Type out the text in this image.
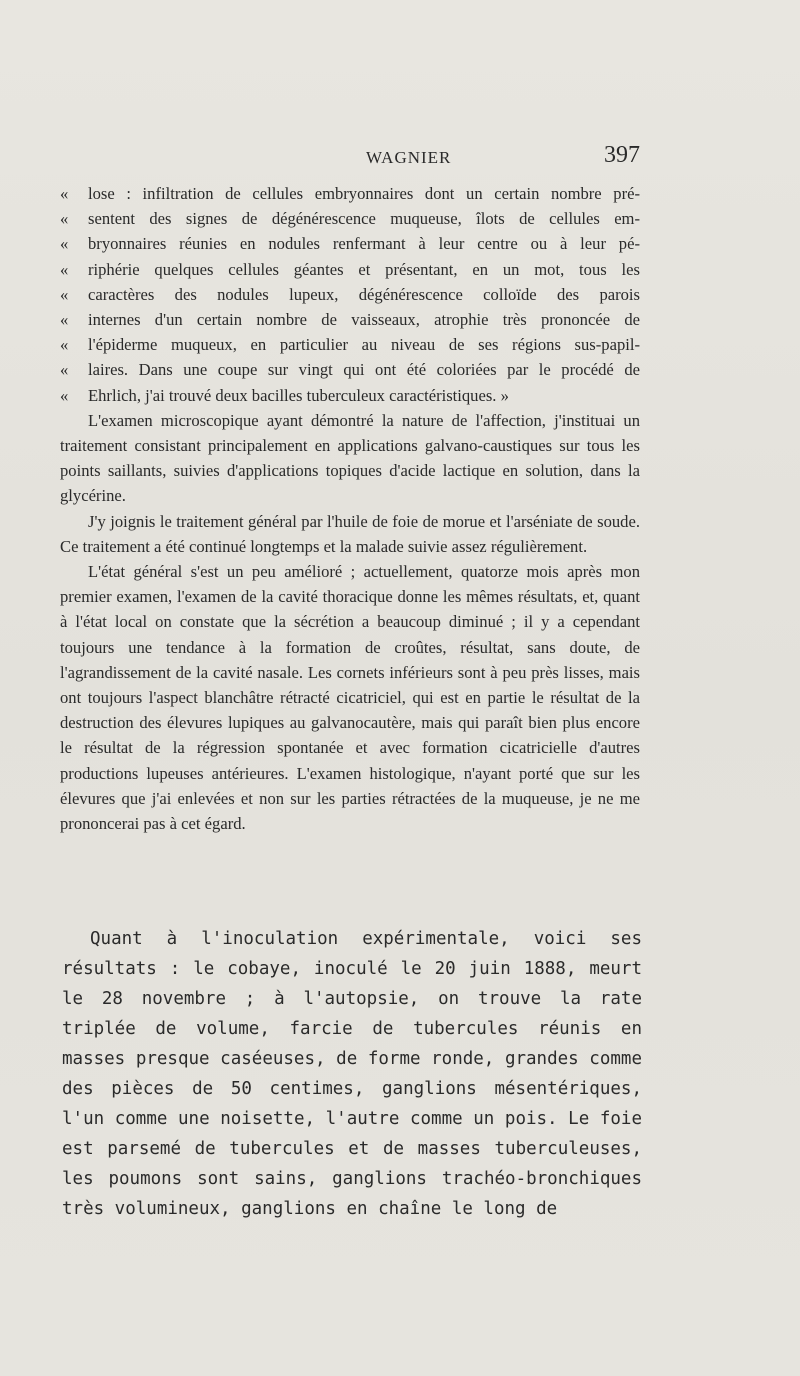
WAGNIER	397
«	lose : infiltration de cellules embryonnaires dont un certain nombre pré-
«	sentent des signes de dégénérescence muqueuse, îlots de cellules em-
«	bryonnaires réunies en nodules renfermant à leur centre ou à leur pé-
«	riphérie quelques cellules géantes et présentant, en un mot, tous les
«	caractères des nodules lupeux, dégénérescence colloïde des parois
«	internes d'un certain nombre de vaisseaux, atrophie très prononcée de
«	l'épiderme muqueux, en particulier au niveau de ses régions sus-papil-
«	laires. Dans une coupe sur vingt qui ont été coloriées par le procédé de
«	Ehrlich, j'ai trouvé deux bacilles tuberculeux caractéristiques. »

L'examen microscopique ayant démontré la nature de l'affection, j'instituai un traitement consistant principalement en applications galvano-caustiques sur tous les points saillants, suivies d'applications topiques d'acide lactique en solution, dans la glycérine.

J'y joignis le traitement général par l'huile de foie de morue et l'arséniate de soude. Ce traitement a été continué longtemps et la malade suivie assez régulièrement.

L'état général s'est un peu amélioré ; actuellement, quatorze mois après mon premier examen, l'examen de la cavité thoracique donne les mêmes résultats, et, quant à l'état local on constate que la sécrétion a beaucoup diminué ; il y a cependant toujours une tendance à la formation de croûtes, résultat, sans doute, de l'agrandissement de la cavité nasale. Les cornets inférieurs sont à peu près lisses, mais ont toujours l'aspect blanchâtre rétracté cicatriciel, qui est en partie le résultat de la destruction des élevures lupiques au galvanocautère, mais qui paraît bien plus encore le résultat de la régression spontanée et avec formation cicatricielle d'autres productions lupeuses antérieures. L'examen histologique, n'ayant porté que sur les élevures que j'ai enlevées et non sur les parties rétractées de la muqueuse, je ne me prononcerai pas à cet égard.

Quant à l'inoculation expérimentale, voici ses résultats : le cobaye, inoculé le 20 juin 1888, meurt le 28 novembre ; à l'autopsie, on trouve la rate triplée de volume, farcie de tubercules réunis en masses presque caséeuses, de forme ronde, grandes comme des pièces de 50 centimes, ganglions mésentériques, l'un comme une noisette, l'autre comme un pois. Le foie est parsemé de tubercules et de masses tuberculeuses, les poumons sont sains, ganglions trachéo-bronchiques très volumineux, ganglions en chaîne le long de
